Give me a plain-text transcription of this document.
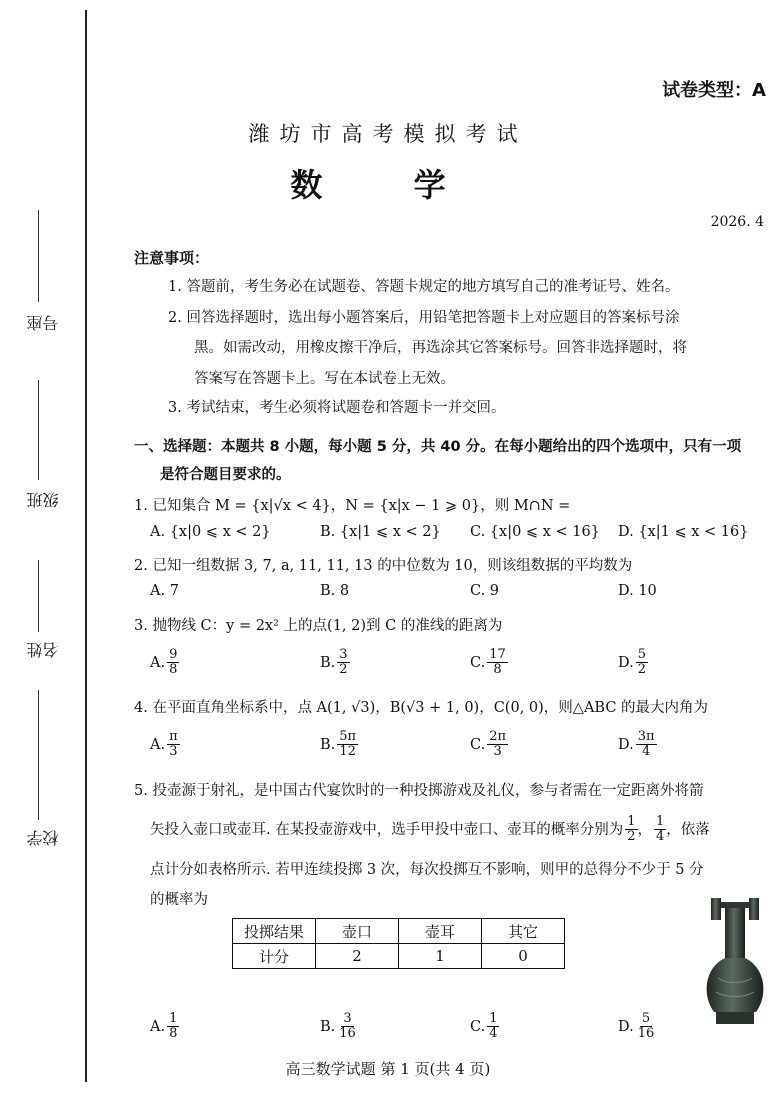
座号
班级
姓名
学校
试卷类型：A
潍坊市高考模拟考试
数 学
2026. 4
注意事项：
1. 答题前，考生务必在试题卷、答题卡规定的地方填写自己的准考证号、姓名。
2. 回答选择题时，选出每小题答案后，用铅笔把答题卡上对应题目的答案标号涂
黑。如需改动，用橡皮擦干净后，再选涂其它答案标号。回答非选择题时，将
答案写在答题卡上。写在本试卷上无效。
3. 考试结束，考生必须将试题卷和答题卡一并交回。
一、选择题：本题共 8 小题，每小题 5 分，共 40 分。在每小题给出的四个选项中，只有一项
是符合题目要求的。
1. 已知集合 M = {x|√x < 4}，N = {x|x − 1 ⩾ 0}，则 M∩N =
A. {x|0 ⩽ x < 2}	B. {x|1 ⩽ x < 2} C. {x|0 ⩽ x < 16} D. {x|1 ⩽ x < 16}
2. 已知一组数据 3, 7, a, 11, 11, 13 的中位数为 10，则该组数据的平均数为
A. 7	B. 8	C. 9	D. 10
3. 抛物线 C：y = 2x² 上的点(1, 2)到 C 的准线的距离为
A. $\frac{9}{8}$	B. $\frac{3}{2}$	C. $\frac{17}{8}$	D. $\frac{5}{2}$
4. 在平面直角坐标系中，点 A(1, √3)，B(√3 + 1, 0)，C(0, 0)，则△ABC 的最大内角为
A. $\frac{\pi}{3}$	B. $\frac{5\pi}{12}$	C. $\frac{2\pi}{3}$	D. $\frac{3\pi}{4}$
5. 投壶源于射礼，是中国古代宴饮时的一种投掷游戏及礼仪，参与者需在一定距离外将箭
矢投入壶口或壶耳. 在某投壶游戏中，选手甲投中壶口、壶耳的概率分别为 $\frac{1}{2}$ ， $\frac{1}{4}$ ，依落
点计分如表格所示. 若甲连续投掷 3 次，每次投掷互不影响，则甲的总得分不少于 5 分
的概率为
投掷结果	壶口	壶耳	其它
计分	2	1	0
A. $\frac{1}{8}$	B. $\frac{3}{16}$	C. $\frac{1}{4}$	D. $\frac{5}{16}$
高三数学试题 第 1 页(共 4 页)
